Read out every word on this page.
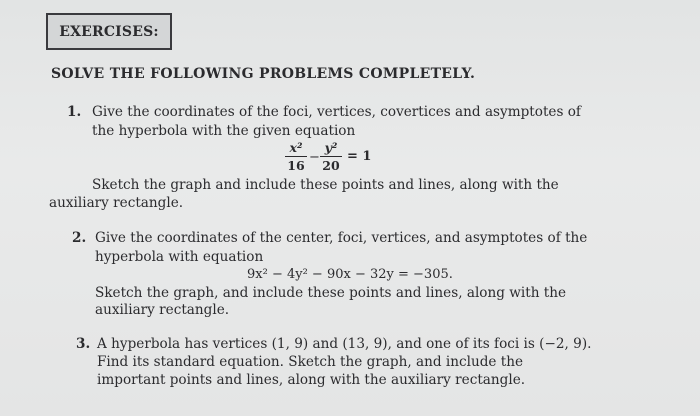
EXERCISES:
SOLVE THE FOLLOWING PROBLEMS COMPLETELY.
1. Give the coordinates of the foci, vertices, covertices and asymptotes of
the hyperbola with the given equation
x²
16
−
y²
20
= 1
Sketch the graph and include these points and lines, along with the
auxiliary rectangle.
2. Give the coordinates of the center, foci, vertices, and asymptotes of the
hyperbola with equation
9x² − 4y² − 90x − 32y = −305.
Sketch the graph, and include these points and lines, along with the
auxiliary rectangle.
3. A hyperbola has vertices (1, 9) and (13, 9), and one of its foci is (−2, 9).
Find its standard equation. Sketch the graph, and include the
important points and lines, along with the auxiliary rectangle.
